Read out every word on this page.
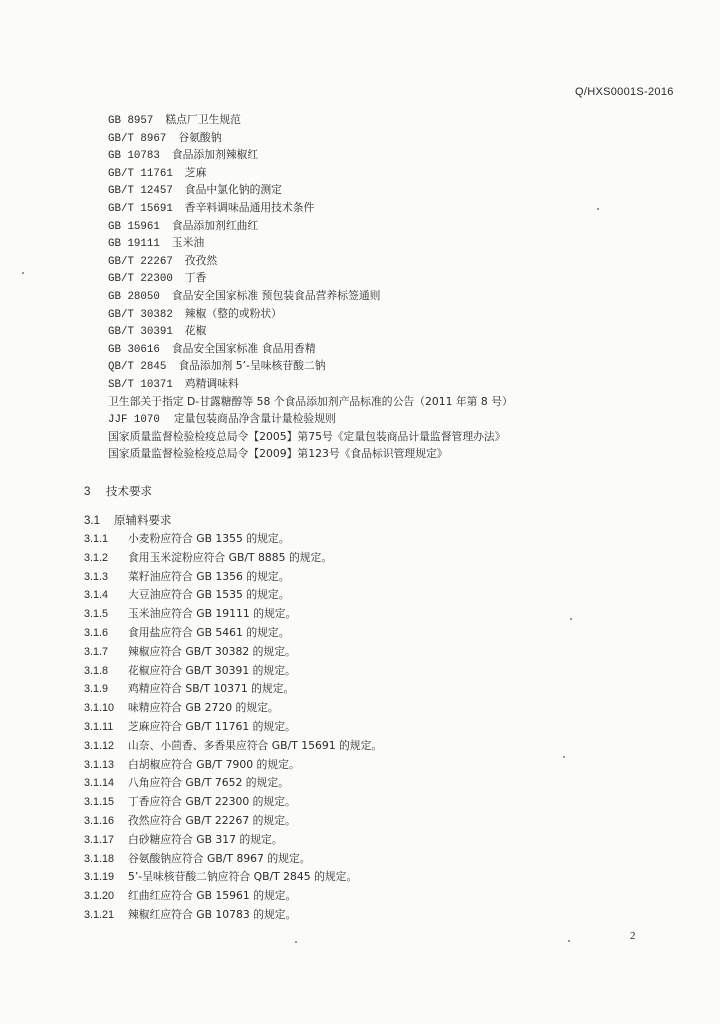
Q/HXS0001S-2016
GB 8957 糕点厂卫生规范
GB/T 8967 谷氨酸钠
GB 10783 食品添加剂辣椒红
GB/T 11761 芝麻
GB/T 12457 食品中氯化钠的测定
GB/T 15691 香辛料调味品通用技术条件
GB 15961 食品添加剂红曲红
GB 19111 玉米油
GB/T 22267 孜孜然
GB/T 22300 丁香
GB 28050 食品安全国家标准 预包装食品营养标签通则
GB/T 30382 辣椒（整的或粉状）
GB/T 30391 花椒
GB 30616 食品安全国家标准 食品用香精
QB/T 2845 食品添加剂 5’-呈味核苷酸二钠
SB/T 10371 鸡精调味料
卫生部关于指定 D-甘露糖醇等 58 个食品添加剂产品标准的公告（2011 年第 8 号）
JJF 1070 定量包装商品净含量计量检验规则
国家质量监督检验检疫总局令【2005】第75号《定量包装商品计量监督管理办法》
国家质量监督检验检疫总局令【2009】第123号《食品标识管理规定》
3 技术要求
3.1 原辅料要求
3.1.1 小麦粉应符合 GB 1355 的规定。
3.1.2 食用玉米淀粉应符合 GB/T 8885 的规定。
3.1.3 菜籽油应符合 GB 1356 的规定。
3.1.4 大豆油应符合 GB 1535 的规定。
3.1.5 玉米油应符合 GB 19111 的规定。
3.1.6 食用盐应符合 GB 5461 的规定。
3.1.7 辣椒应符合 GB/T 30382 的规定。
3.1.8 花椒应符合 GB/T 30391 的规定。
3.1.9 鸡精应符合 SB/T 10371 的规定。
3.1.10 味精应符合 GB 2720 的规定。
3.1.11 芝麻应符合 GB/T 11761 的规定。
3.1.12 山奈、小茴香、多香果应符合 GB/T 15691 的规定。
3.1.13 白胡椒应符合 GB/T 7900 的规定。
3.1.14 八角应符合 GB/T 7652 的规定。
3.1.15 丁香应符合 GB/T 22300 的规定。
3.1.16 孜然应符合 GB/T 22267 的规定。
3.1.17 白砂糖应符合 GB 317 的规定。
3.1.18 谷氨酸钠应符合 GB/T 8967 的规定。
3.1.19 5’-呈味核苷酸二钠应符合 QB/T 2845 的规定。
3.1.20 红曲红应符合 GB 15961 的规定。
3.1.21 辣椒红应符合 GB 10783 的规定。
2
